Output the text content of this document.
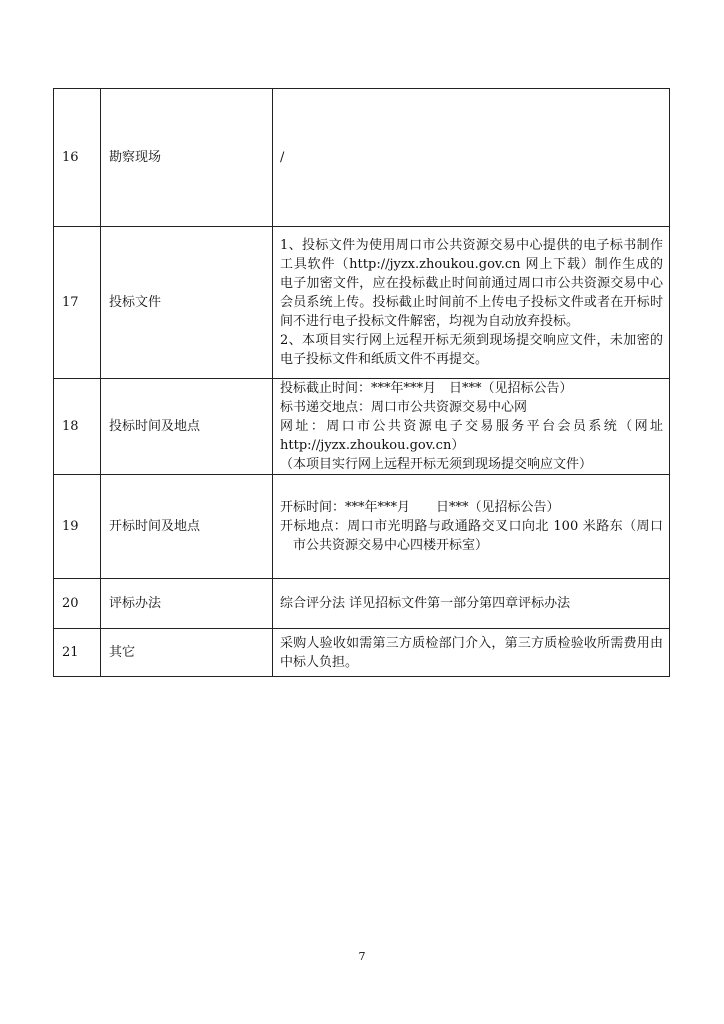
16	勘察现场	/

17	投标文件	1、投标文件为使用周口市公共资源交易中心提供的电子标书制作工具软件（http://jyzx.zhoukou.gov.cn 网上下载）制作生成的电子加密文件，应在投标截止时间前通过周口市公共资源交易中心会员系统上传。投标截止时间前不上传电子投标文件或者在开标时间不进行电子投标文件解密，均视为自动放弃投标。

2、本项目实行网上远程开标无须到现场提交响应文件，未加密的电子投标文件和纸质文件不再提交。

18	投标时间及地点	投标截止时间：***年***月　日***（见招标公告）

标书递交地点：周口市公共资源交易中心网

网址：周口市公共资源电子交易服务平台会员系统（网址 http://jyzx.zhoukou.gov.cn）

（本项目实行网上远程开标无须到现场提交响应文件）

19	开标时间及地点	开标时间：***年***月　　日***（见招标公告）

开标地点：周口市光明路与政通路交叉口向北 100 米路东（周口市公共资源交易中心四楼开标室）

20	评标办法	综合评分法 详见招标文件第一部分第四章评标办法

21	其它	采购人验收如需第三方质检部门介入，第三方质检验收所需费用由中标人负担。

7
